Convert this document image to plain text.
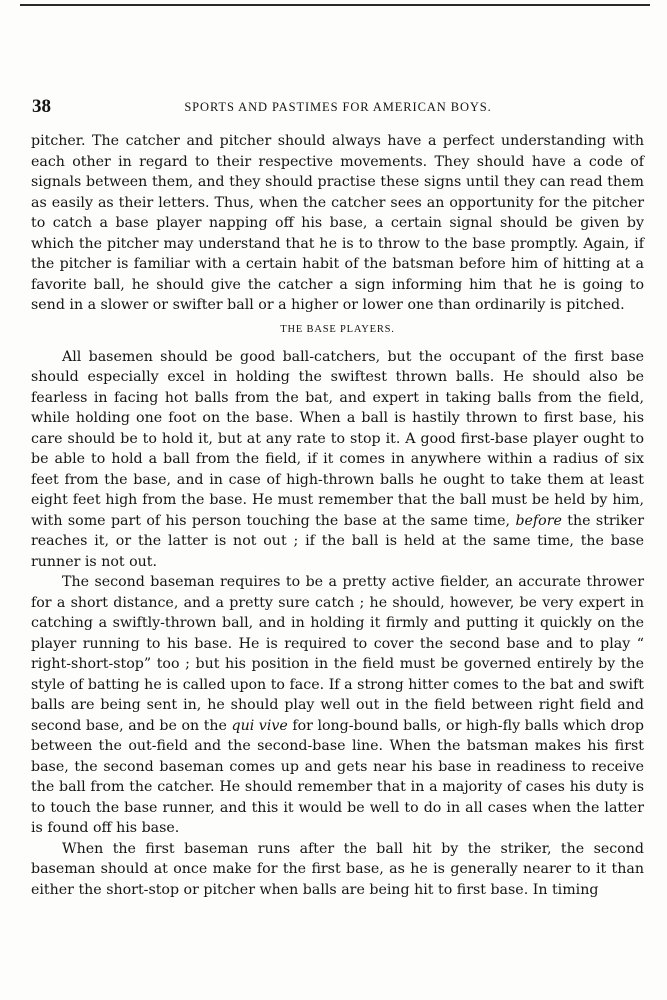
38	SPORTS AND PASTIMES FOR AMERICAN BOYS.

pitcher. The catcher and pitcher should always have a perfect understanding with each other in regard to their respective movements. They should have a code of signals between them, and they should practise these signs until they can read them as easily as their letters. Thus, when the catcher sees an opportunity for the pitcher to catch a base player napping off his base, a certain signal should be given by which the pitcher may understand that he is to throw to the base promptly. Again, if the pitcher is familiar with a certain habit of the batsman before him of hitting at a favorite ball, he should give the catcher a sign informing him that he is going to send in a slower or swifter ball or a higher or lower one than ordinarily is pitched.

THE BASE PLAYERS.

All basemen should be good ball-catchers, but the occupant of the first base should especially excel in holding the swiftest thrown balls. He should also be fearless in facing hot balls from the bat, and expert in taking balls from the field, while holding one foot on the base. When a ball is hastily thrown to first base, his care should be to hold it, but at any rate to stop it. A good first-base player ought to be able to hold a ball from the field, if it comes in anywhere within a radius of six feet from the base, and in case of high-thrown balls he ought to take them at least eight feet high from the base. He must remember that the ball must be held by him, with some part of his person touching the base at the same time, before the striker reaches it, or the latter is not out ; if the ball is held at the same time, the base runner is not out.

The second baseman requires to be a pretty active fielder, an accurate thrower for a short distance, and a pretty sure catch ; he should, however, be very expert in catching a swiftly-thrown ball, and in holding it firmly and putting it quickly on the player running to his base. He is required to cover the second base and to play “ right-short-stop” too ; but his position in the field must be governed entirely by the style of batting he is called upon to face. If a strong hitter comes to the bat and swift balls are being sent in, he should play well out in the field between right field and second base, and be on the qui vive for long-bound balls, or high-fly balls which drop between the out-field and the second-base line. When the batsman makes his first base, the second baseman comes up and gets near his base in readiness to receive the ball from the catcher. He should remember that in a majority of cases his duty is to touch the base runner, and this it would be well to do in all cases when the latter is found off his base.

When the first baseman runs after the ball hit by the striker, the second baseman should at once make for the first base, as he is generally nearer to it than either the short-stop or pitcher when balls are being hit to first base. In timing
